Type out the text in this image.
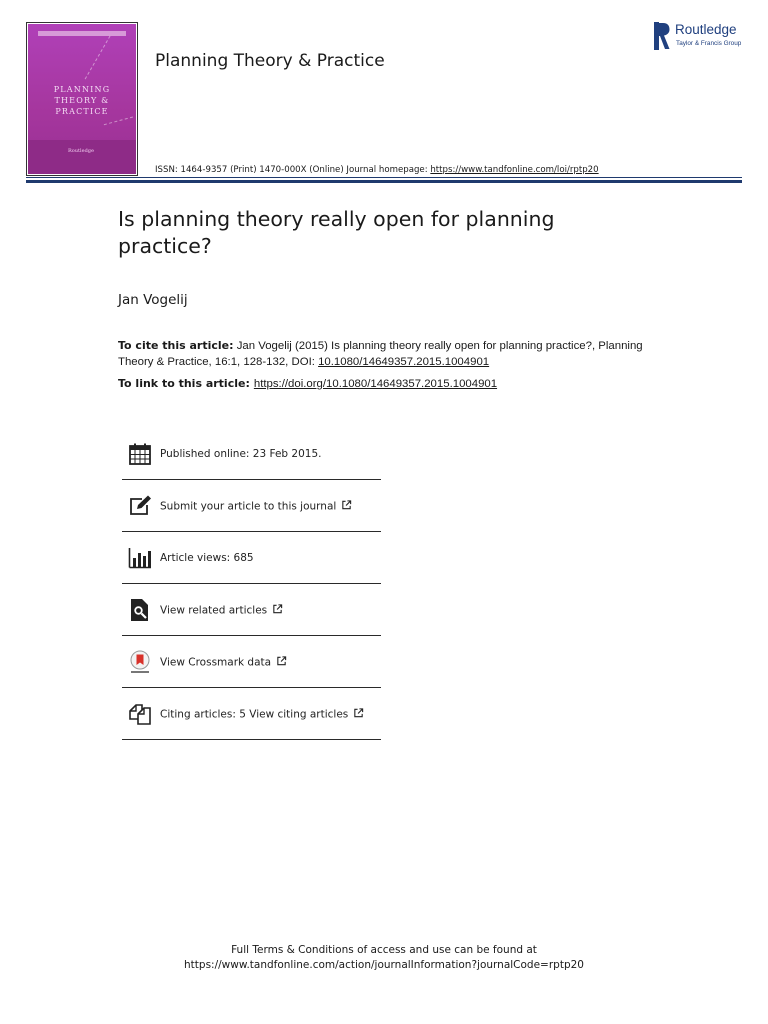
PLANNING
THEORY &
PRACTICE
Routledge
Planning Theory & Practice
ISSN: 1464-9357 (Print) 1470-000X (Online) Journal homepage: https://www.tandfonline.com/loi/rptp20
Routledge
Taylor & Francis Group
Is planning theory really open for planning practice?
Jan Vogelij
To cite this article: Jan Vogelij (2015) Is planning theory really open for planning practice?, Planning Theory & Practice, 16:1, 128-132, DOI: 10.1080/14649357.2015.1004901
To link to this article: https://doi.org/10.1080/14649357.2015.1004901
Published online: 23 Feb 2015.
Submit your article to this journal
Article views: 685
View related articles
View Crossmark data
Citing articles: 5 View citing articles
Full Terms & Conditions of access and use can be found at
https://www.tandfonline.com/action/journalInformation?journalCode=rptp20
